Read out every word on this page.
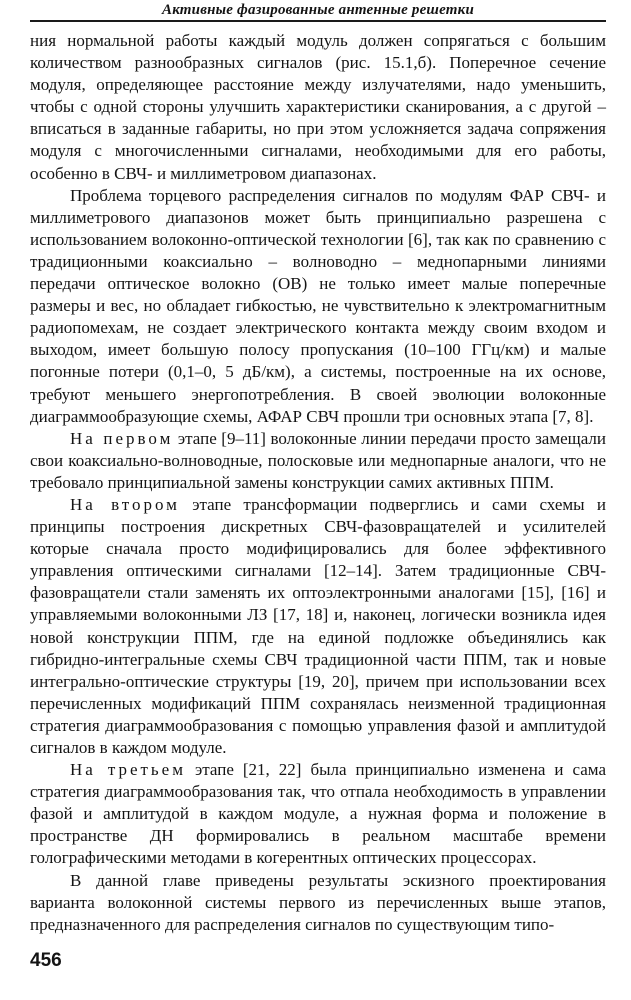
Активные фазированные антенные решетки

ния нормальной работы каждый модуль должен сопрягаться с большим количеством разнообразных сигналов (рис. 15.1,б). Поперечное сечение модуля, определяющее расстояние между излучателями, надо уменьшить, чтобы с одной стороны улучшить характеристики сканирования, а с другой – вписаться в заданные габариты, но при этом усложняется задача сопряжения модуля с многочисленными сигналами, необходимыми для его работы, особенно в СВЧ- и миллиметровом диапазонах.

Проблема торцевого распределения сигналов по модулям ФАР СВЧ- и миллиметрового диапазонов может быть принципиально разрешена с использованием волоконно-оптической технологии [6], так как по сравнению с традиционными коаксиально – волноводно – меднопарными линиями передачи оптическое волокно (ОВ) не только имеет малые поперечные размеры и вес, но обладает гибкостью, не чувствительно к электромагнитным радиопомехам, не создает электрического контакта между своим входом и выходом, имеет большую полосу пропускания (10–100 ГГц/км) и малые погонные потери (0,1–0, 5 дБ/км), а системы, построенные на их основе, требуют меньшего энергопотребления. В своей эволюции волоконные диаграммообразующие схемы, АФАР СВЧ прошли три основных этапа [7, 8].

На первом этапе [9–11] волоконные линии передачи просто замещали свои коаксиально-волноводные, полосковые или меднопарные аналоги, что не требовало принципиальной замены конструкции самих активных ППМ.

На втором этапе трансформации подверглись и сами схемы и принципы построения дискретных СВЧ-фазовращателей и усилителей которые сначала просто модифицировались для более эффективного управления оптическими сигналами [12–14]. Затем традиционные СВЧ-фазовращатели стали заменять их оптоэлектронными аналогами [15], [16] и управляемыми волоконными ЛЗ [17, 18] и, наконец, логически возникла идея новой конструкции ППМ, где на единой подложке объединялись как гибридно-интегральные схемы СВЧ традиционной части ППМ, так и новые интегрально-оптические структуры [19, 20], причем при использовании всех перечисленных модификаций ППМ сохранялась неизменной традиционная стратегия диаграммообразования с помощью управления фазой и амплитудой сигналов в каждом модуле.

На третьем этапе [21, 22] была принципиально изменена и сама стратегия диаграммообразования так, что отпала необходимость в управлении фазой и амплитудой в каждом модуле, а нужная форма и положение в пространстве ДН формировались в реальном масштабе времени голографическими методами в когерентных оптических процессорах.

В данной главе приведены результаты эскизного проектирования варианта волоконной системы первого из перечисленных выше этапов, предназначенного для распределения сигналов по существующим типо-

456
